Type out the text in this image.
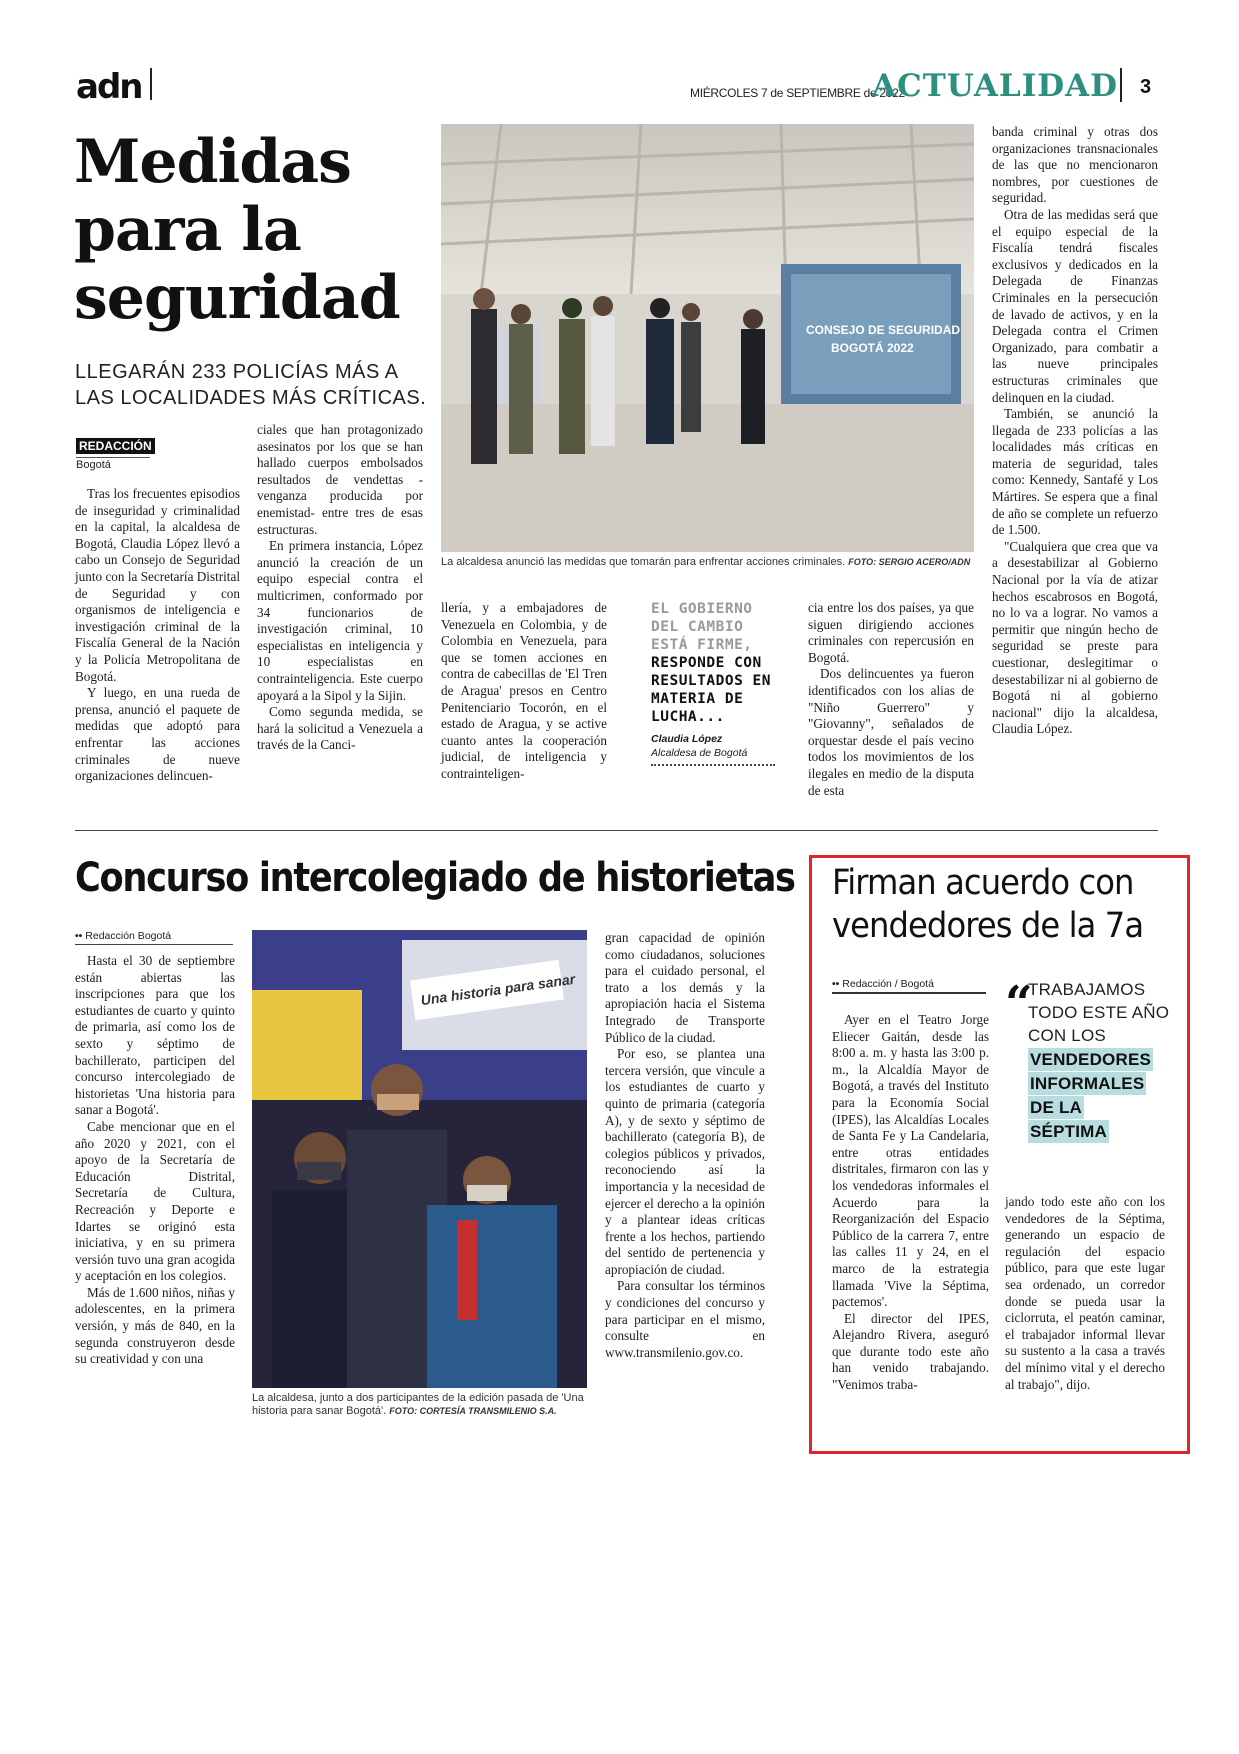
adn	MIÉRCOLES 7 de SEPTIEMBRE de 2022
ACTUALIDAD 3
Medidas para la seguridad
LLEGARÁN 233 POLICÍAS MÁS A LAS LOCALIDADES MÁS CRÍTICAS.
REDACCIÓN
Bogotá

Tras los frecuentes episodios de inseguridad y criminalidad en la capital, la alcaldesa de Bogotá, Claudia López llevó a cabo un Consejo de Seguridad junto con la Secretaría Distrital de Seguridad y con organismos de inteligencia e investigación criminal de la Fiscalía General de la Nación y la Policía Metropolitana de Bogotá.

Y luego, en una rueda de prensa, anunció el paquete de medidas que adoptó para enfrentar las acciones criminales de nueve organizaciones delincuen-

ciales que han protagonizado asesinatos por los que se han hallado cuerpos embolsados resultados de vendettas -venganza producida por enemistad- entre tres de esas estructuras.

En primera instancia, López anunció la creación de un equipo especial contra el multicrimen, conformado por 34 funcionarios de investigación criminal, 10 especialistas en inteligencia y 10 especialistas en contrainteligencia. Este cuerpo apoyará a la Sipol y la Sijin.

Como segunda medida, se hará la solicitud a Venezuela a través de la Canci-

CONSEJO DE SEGURIDAD
BOGOTÁ 2022
La alcaldesa anunció las medidas que tomarán para enfrentar acciones criminales. FOTO: SERGIO ACERO/ADN

llería, y a embajadores de Venezuela en Colombia, y de Colombia en Venezuela, para que se tomen acciones en contra de cabecillas de 'El Tren de Aragua' presos en Centro Penitenciario Tocorón, en el estado de Aragua, y se active cuanto antes la cooperación judicial, de inteligencia y contrainteligen-

EL GOBIERNO DEL CAMBIO ESTÁ FIRME, RESPONDE CON RESULTADOS EN MATERIA DE LUCHA...
Claudia López
Alcaldesa de Bogotá

cia entre los dos países, ya que siguen dirigiendo acciones criminales con repercusión en Bogotá.

Dos delincuentes ya fueron identificados con los alias de "Niño Guerrero" y "Giovanny", señalados de orquestar desde el país vecino todos los movimientos de los ilegales en medio de la disputa de esta

banda criminal y otras dos organizaciones transnacionales de las que no mencionaron nombres, por cuestiones de seguridad.

Otra de las medidas será que el equipo especial de la Fiscalía tendrá fiscales exclusivos y dedicados en la Delegada de Finanzas Criminales en la persecución de lavado de activos, y en la Delegada contra el Crimen Organizado, para combatir a las nueve principales estructuras criminales que delinquen en la ciudad.

También, se anunció la llegada de 233 policías a las localidades más críticas en materia de seguridad, tales como: Kennedy, Santafé y Los Mártires. Se espera que a final de año se complete un refuerzo de 1.500.

"Cualquiera que crea que va a desestabilizar al Gobierno Nacional por la vía de atizar hechos escabrosos en Bogotá, no lo va a lograr. No vamos a permitir que ningún hecho de seguridad se preste para cuestionar, deslegitimar o desestabilizar ni al gobierno de Bogotá ni al gobierno nacional" dijo la alcaldesa, Claudia López.

Concurso intercolegiado de historietas
•• Redacción Bogotá

Hasta el 30 de septiembre están abiertas las inscripciones para que los estudiantes de cuarto y quinto de primaria, así como los de sexto y séptimo de bachillerato, participen del concurso intercolegiado de historietas 'Una historia para sanar a Bogotá'.

Cabe mencionar que en el año 2020 y 2021, con el apoyo de la Secretaría de Educación Distrital, Secretaría de Cultura, Recreación y Deporte e Idartes se originó esta iniciativa, y en su primera versión tuvo una gran acogida y aceptación en los colegios.

Más de 1.600 niños, niñas y adolescentes, en la primera versión, y más de 840, en la segunda construyeron desde su creatividad y con una

Una historia para sanar
La alcaldesa, junto a dos participantes de la edición pasada de 'Una historia para sanar Bogotá'. FOTO: CORTESÍA TRANSMILENIO S.A.

gran capacidad de opinión como ciudadanos, soluciones para el cuidado personal, el trato a los demás y la apropiación hacia el Sistema Integrado de Transporte Público de la ciudad.

Por eso, se plantea una tercera versión, que vincule a los estudiantes de cuarto y quinto de primaria (categoría A), y de sexto y séptimo de bachillerato (categoría B), de colegios públicos y privados, reconociendo así la importancia y la necesidad de ejercer el derecho a la opinión y a plantear ideas críticas frente a los hechos, partiendo del sentido de pertenencia y apropiación de ciudad.

Para consultar los términos y condiciones del concurso y para participar en el mismo, consulte en www.transmilenio.gov.co.

Firman acuerdo con
vendedores de la 7a
•• Redacción / Bogotá	“
TRABAJAMOS TODO ESTE AÑO CON LOS
VENDEDORES
INFORMALES
DE LA
SÉPTIMA

Ayer en el Teatro Jorge Eliecer Gaitán, desde las 8:00 a. m. y hasta las 3:00 p. m., la Alcaldía Mayor de Bogotá, a través del Instituto para la Economía Social (IPES), las Alcaldías Locales de Santa Fe y La Candelaria, entre otras entidades distritales, firmaron con las y los vendedoras informales el Acuerdo para la Reorganización del Espacio Público de la carrera 7, entre las calles 11 y 24, en el marco de la estrategia llamada 'Vive la Séptima, pactemos'.

El director del IPES, Alejandro Rivera, aseguró que durante todo este año han venido trabajando. "Venimos traba-

jando todo este año con los vendedores de la Séptima, generando un espacio de regulación del espacio público, para que este lugar sea ordenado, un corredor donde se pueda usar la ciclorruta, el peatón caminar, el trabajador informal llevar su sustento a la casa a través del mínimo vital y el derecho al trabajo", dijo.
